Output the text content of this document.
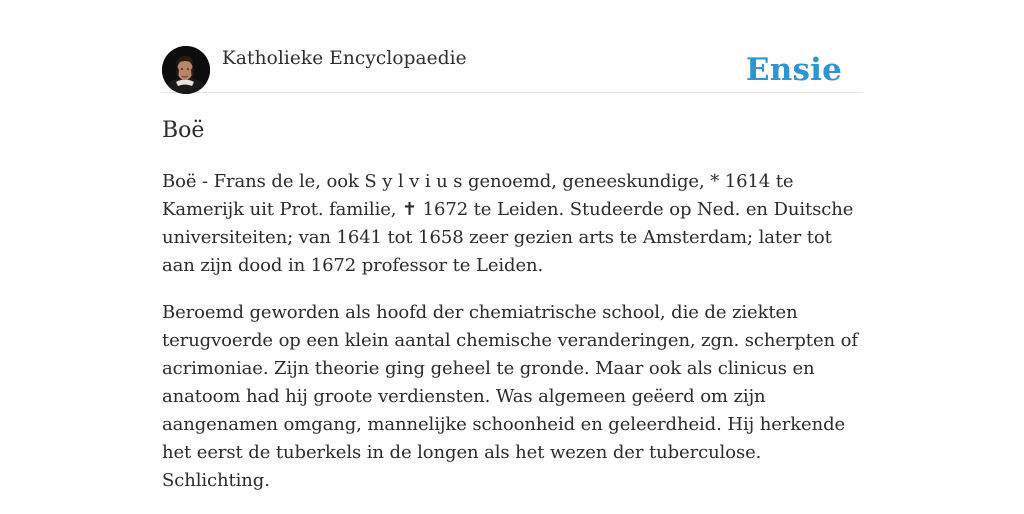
Katholieke Encyclopaedie	Ensie
Boë

Boë - Frans de le, ook S y l v i u s genoemd, geneeskundige, * 1614 te Kamerijk uit Prot. familie, ✝ 1672 te Leiden. Studeerde op Ned. en Duitsche universiteiten; van 1641 tot 1658 zeer gezien arts te Amsterdam; later tot aan zijn dood in 1672 professor te Leiden.

Beroemd geworden als hoofd der chemiatrische school, die de ziekten terugvoerde op een klein aantal chemische veranderingen, zgn. scherpten of acrimoniae. Zijn theorie ging geheel te gronde. Maar ook als clinicus en anatoom had hij groote verdiensten. Was algemeen geëerd om zijn aangenamen omgang, mannelijke schoonheid en geleerdheid. Hij herkende het eerst de tuberkels in de longen als het wezen der tuberculose. Schlichting.
